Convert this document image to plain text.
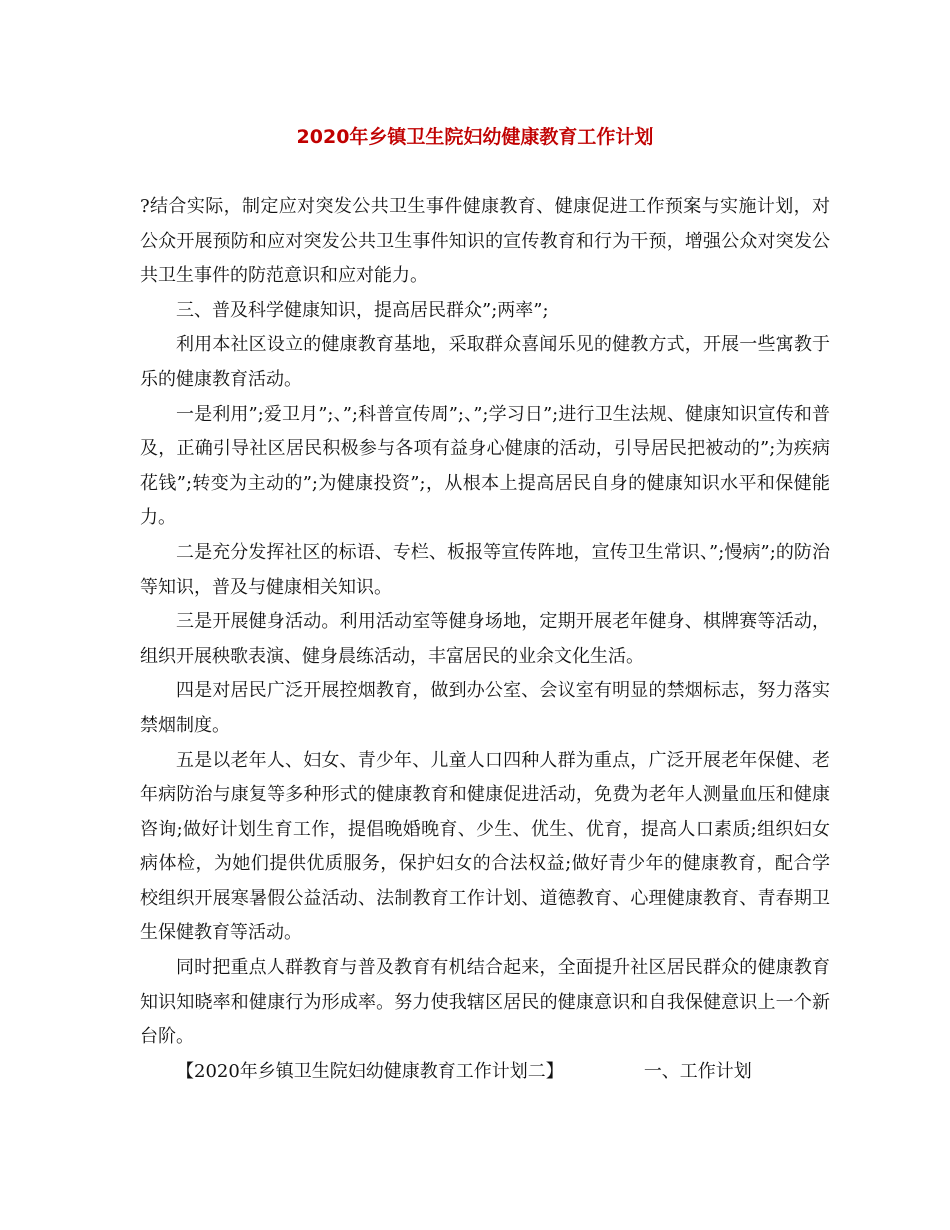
2020年乡镇卫生院妇幼健康教育工作计划

?结合实际，制定应对突发公共卫生事件健康教育、健康促进工作预案与实施计划，对公众开展预防和应对突发公共卫生事件知识的宣传教育和行为干预，增强公众对突发公共卫生事件的防范意识和应对能力。

三、普及科学健康知识，提高居民群众”;两率”;

利用本社区设立的健康教育基地，采取群众喜闻乐见的健教方式，开展一些寓教于乐的健康教育活动。

一是利用”;爱卫月”;、”;科普宣传周”;、”;学习日”;进行卫生法规、健康知识宣传和普及，正确引导社区居民积极参与各项有益身心健康的活动，引导居民把被动的”;为疾病花钱”;转变为主动的”;为健康投资”;，从根本上提高居民自身的健康知识水平和保健能力。

二是充分发挥社区的标语、专栏、板报等宣传阵地，宣传卫生常识、”;慢病”;的防治等知识，普及与健康相关知识。

三是开展健身活动。利用活动室等健身场地，定期开展老年健身、棋牌赛等活动，组织开展秧歌表演、健身晨练活动，丰富居民的业余文化生活。

四是对居民广泛开展控烟教育，做到办公室、会议室有明显的禁烟标志，努力落实禁烟制度。

五是以老年人、妇女、青少年、儿童人口四种人群为重点，广泛开展老年保健、老年病防治与康复等多种形式的健康教育和健康促进活动，免费为老年人测量血压和健康咨询;做好计划生育工作，提倡晚婚晚育、少生、优生、优育，提高人口素质;组织妇女病体检，为她们提供优质服务，保护妇女的合法权益;做好青少年的健康教育，配合学校组织开展寒暑假公益活动、法制教育工作计划、道德教育、心理健康教育、青春期卫生保健教育等活动。

同时把重点人群教育与普及教育有机结合起来，全面提升社区居民群众的健康教育知识知晓率和健康行为形成率。努力使我辖区居民的健康意识和自我保健意识上一个新台阶。

【2020年乡镇卫生院妇幼健康教育工作计划二】	一、工作计划
